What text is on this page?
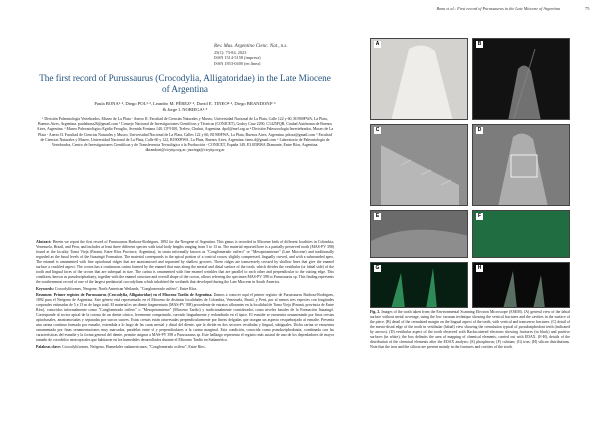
Bona et al.: First record of Purussaurus in the Late Miocene of Argentina	75
Rev. Mus. Argentino Cienc. Nat., n.s.
25(1): 73-84, 2023
ISSN 1514-5158 (impresa)
ISSN 1853-0400 (en línea)
The first record of Purussaurus (Crocodylia, Alligatoridae) in the Late Miocene of Argentina
Paula BONA¹·², Diego POL²·³, Leandro M. PÉREZ¹·², David E. TINEO⁴·², Diego BRANDONI²·⁵
& Jorge I. NORIEGA²·⁵
¹ División Paleontología Vertebrados, Museo de La Plata - Anexo II. Facultad de Ciencias Naturales y Museo, Universidad Nacional de La Plata, Calle 122 y 60, B1900FWA, La Plata, Buenos Aires, Argentina. paulabona26@gmail.com ² Consejo Nacional de Investigaciones Científicas y Técnicas (CONICET), Godoy Cruz 2290, C1425FQB, Ciudad Autónoma de Buenos Aires, Argentina. ³ Museo Paleontológico Egidio Feruglio, Avenida Fontana 140, CP 9100, Trelew, Chubut, Argentina. dpol@mef.org.ar ⁴ División Paleozoología Invertebrados, Museo de La Plata - Anexo II. Facultad de Ciencias Naturales y Museo, Universidad Nacional de La Plata, Calles 122 y 60, B1900FWA, La Plata, Buenos Aires, Argentina. pdoxa@gmail.com ⁵ Facultad de Ciencias Naturales y Museo, Universidad Nacional de La Plata, Calle 60 y 122, B1900FWA, La Plata, Buenos Aires, Argentina. tineo.d@gmail.com ⁶ Laboratorio de Paleontología de Vertebrados, Centro de Investigaciones Científicas y de Transferencia Tecnológica a la Producción - CONICET, España 149, E3105BWA Diamante, Entre Ríos, Argentina. dbrandoni@cicyttp.org.ar; jnoriega@cicyttp.org.ar

Abstract: Herein we report the first record of Purussaurus Barbosa-Rodrigues, 1892 for the Neogene of Argentina. This genus is recorded in Miocene beds of different localities in Colombia, Venezuela, Brazil, and Peru, and includes at least three different species with total body lengths ranging from 5 to 13 m. The material reported here is a partially preserved tooth (MAS-PV 398) found at the locality Toma Vieja (Paraná, Entre Ríos Province, Argentina), in strata informally known as "Conglomerado osífero" or "Mesopotamiense" (Late Miocene) and traditionally regarded as the basal levels of the Ituzaingó Formation. The material corresponds to the apical portion of a conical crown, slightly compressed, lingually curved, and with a subrounded apex. The enamel is ornamented with fine apicobasal ridges that are anastomosed and separated by shallow grooves. These ridges are transversely crossed by shallow lines that give the enamel surface a crackled aspect. The crown has a continuous carina formed by the enamel that runs along the mesial and distal surface of the tooth, which divides the vestibular (or labial side) of the tooth and lingual faces of the crown that are subequal in size. The carina is ornamented with fine enamel wrinkles that are parallel to each other and perpendicular to the cutting edge. This condition, known as pseudoziphodonty, together with the enamel structure and overall shape of the crown, allows referring the specimen MAS-PV 398 to Purussaurus sp. This finding represents the southernmost record of one of the largest predatorial crocodylians which inhabited the wetlands that developed during the Late Miocene in South America.

Keywords: Crocodyliformes, Neogene, North American Wetlands, "Conglomerado osífero", Entre Ríos.

Resumen: Primer registro de Purussaurus (Crocodylia, Alligatoridae) en el Mioceno Tardío de Argentina. Damos a conocer aquí el primer registro de Purussaurus Barbosa-Rodrigues, 1892 para el Neógeno de Argentina. Este género está representado en el Mioceno de distintas localidades de Colombia, Venezuela, Brasil, y Perú, por al menos tres especies con longitudes corporales estimadas de 5 a 13 m de largo total. El material es un diente fragmentario (MAS-PV 398) procedente de estratos aflorantes en la localidad de Toma Vieja (Paraná, provincia de Entre Ríos), conocidos informalmente como "Conglomerado osífero" o "Mesopotamiense" (Mioceno Tardío) y tradicionalmente considerados como niveles basales de la Formación Ituzaingó. Corresponde al sector apical de la corona de un diente cónico, levemente comprimido, curvado lingualmente y redondeado en el ápice. El esmalte se encuentra ornamentado por finas crestas apicobasales, anastomosadas y separadas por surcos suaves. Estas crestas están atravesadas perpendicularmente por líneas delgadas que otorgan un aspecto resquebrajado al esmalte. Presenta una carina continua formada por esmalte, extendida a lo largo de las caras mesial y distal del diente, que la divide en dos sectores vestibular y lingual, subiguales. Dicha carina se encuentra ornamentada por finas ornamentaciones muy marcadas, paralelas entre sí y perpendiculares a la carina marginal. Esta condición, conocida como pseudoziphodontia, combinada con las características del esmalte y la forma general del diente, permite asignar a MAS-PV 398 a Purussaurus sp. Este hallazgo representa el registro más austral de uno de los depredadores de mayor tamaño de cocodrilos neotropicales que habitaron en los humedales desarrollados durante el Mioceno Tardío en Sudamérica.

Palabras clave: Crocodyliformes, Neógeno, Humedales sudamericanos, "Conglomerado osífero", Entre Ríos.

A	B
C	D
E	F
G	H
Fig. 2. Images of the tooth taken from the Environmental Scanning Electron Microscope (ESEM). (A) general view of the labial surface without metal coverage, using the low vacuum technique showing the vertical fractures and the cavities in the surface of the piece. (B) detail of the crenulated margin on the lingual aspect of the tooth, with vertical and transverse fractures. (C) detail of the mesio-distal edge of the tooth in vestibular (labial) view showing the crenulation typical of pseudoziphodont teeth (indicated by arrows). (D) vestibular aspect of the tooth observed with Backscattered electrons showing fractures (in black) and positive surfaces (in white); the box delimits the area of mapping of chemical elements, carried out with EDAX. (E-H), details of the distribution of the chemical elements after the EDAX analysis: (E) phosphorus; (F) calcium; (G) iron; (H) silicon distributions. Note that the iron and the silicon are present mainly in the fractures and cavities of the tooth.
